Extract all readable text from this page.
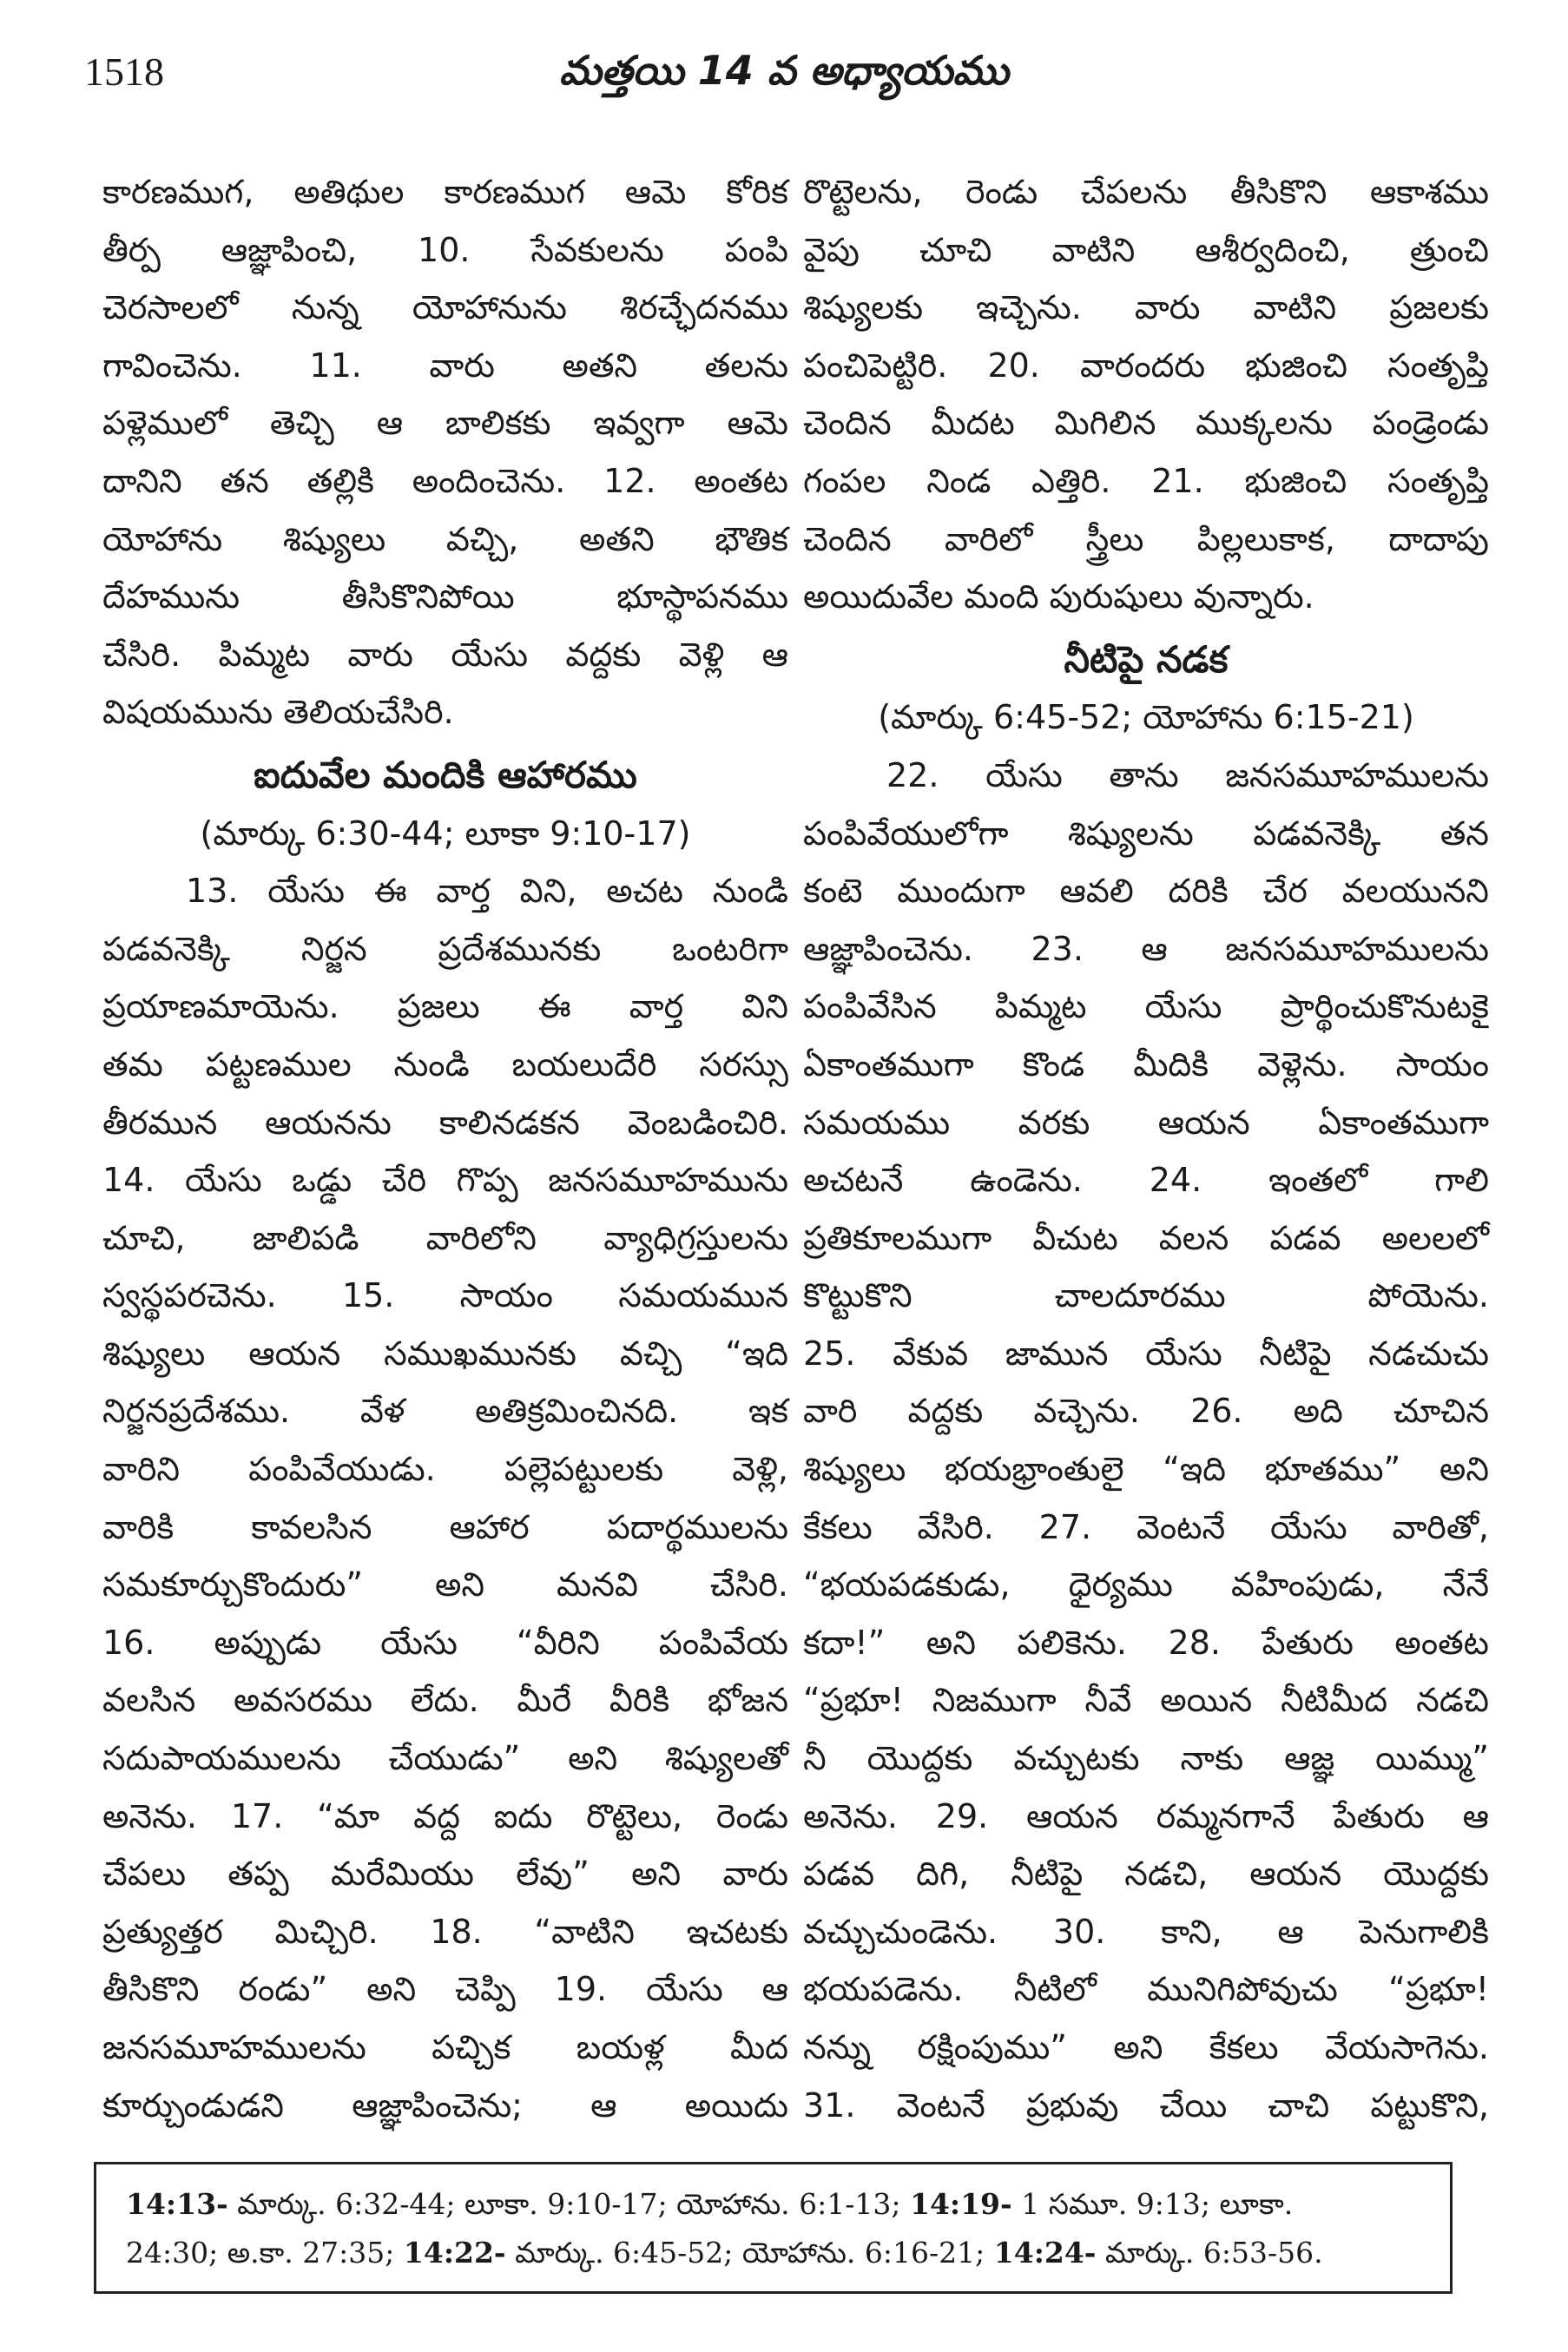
1518	మత్తయి 14 వ అధ్యాయము
కారణముగ, అతిథుల కారణముగ ఆమె కోరిక
తీర్ప ఆజ్ఞాపించి, 10. సేవకులను పంపి
చెరసాలలో నున్న యోహానును శిరచ్ఛేదనము
గావించెను. 11. వారు అతని తలను
పళ్లెములో తెచ్చి ఆ బాలికకు ఇవ్వగా ఆమె
దానిని తన తల్లికి అందించెను. 12. అంతట
యోహాను శిష్యులు వచ్చి, అతని భౌతిక
దేహమును తీసికొనిపోయి భూస్థాపనము
చేసిరి. పిమ్మట వారు యేసు వద్దకు వెళ్లి ఆ
విషయమును తెలియచేసిరి.
ఐదువేల మందికి ఆహారము
(మార్కు 6:30-44; లూకా 9:10-17)
13. యేసు ఈ వార్త విని, అచట నుండి
పడవనెక్కి నిర్జన ప్రదేశమునకు ఒంటరిగా
ప్రయాణమాయెను. ప్రజలు ఈ వార్త విని
తమ పట్టణముల నుండి బయలుదేరి సరస్సు
తీరమున ఆయనను కాలినడకన వెంబడించిరి.
14. యేసు ఒడ్డు చేరి గొప్ప జనసమూహమును
చూచి, జాలిపడి వారిలోని వ్యాధిగ్రస్తులను
స్వస్థపరచెను. 15. సాయం సమయమున
శిష్యులు ఆయన సముఖమునకు వచ్చి “ఇది
నిర్జనప్రదేశము. వేళ అతిక్రమించినది. ఇక
వారిని పంపివేయుడు. పల్లెపట్టులకు వెళ్లి,
వారికి కావలసిన ఆహార పదార్థములను
సమకూర్చుకొందురు” అని మనవి చేసిరి.
16. అప్పుడు యేసు “వీరిని పంపివేయ
వలసిన అవసరము లేదు. మీరే వీరికి భోజన
సదుపాయములను చేయుడు” అని శిష్యులతో
అనెను. 17. “మా వద్ద ఐదు రొట్టెలు, రెండు
చేపలు తప్ప మరేమియు లేవు” అని వారు
ప్రత్యుత్తర మిచ్చిరి. 18. “వాటిని ఇచటకు
తీసికొని రండు” అని చెప్పి 19. యేసు ఆ
జనసమూహములను పచ్చిక బయళ్ల మీద
కూర్చుండుడని ఆజ్ఞాపించెను; ఆ అయిదు
రొట్టెలను, రెండు చేపలను తీసికొని ఆకాశము
వైపు చూచి వాటిని ఆశీర్వదించి, త్రుంచి
శిష్యులకు ఇచ్చెను. వారు వాటిని ప్రజలకు
పంచిపెట్టిరి. 20. వారందరు భుజించి సంతృప్తి
చెందిన మీదట మిగిలిన ముక్కలను పండ్రెండు
గంపల నిండ ఎత్తిరి. 21. భుజించి సంతృప్తి
చెందిన వారిలో స్త్రీలు పిల్లలుకాక, దాదాపు
అయిదువేల మంది పురుషులు వున్నారు.
నీటిపై నడక
(మార్కు 6:45-52; యోహాను 6:15-21)
22. యేసు తాను జనసమూహములను
పంపివేయులోగా శిష్యులను పడవనెక్కి తన
కంటె ముందుగా ఆవలి దరికి చేర వలయునని
ఆజ్ఞాపించెను. 23. ఆ జనసమూహములను
పంపివేసిన పిమ్మట యేసు ప్రార్థించుకొనుటకై
ఏకాంతముగా కొండ మీదికి వెళ్లెను. సాయం
సమయము వరకు ఆయన ఏకాంతముగా
అచటనే ఉండెను. 24. ఇంతలో గాలి
ప్రతికూలముగా వీచుట వలన పడవ అలలలో
కొట్టుకొని చాలదూరము పోయెను.
25. వేకువ జామున యేసు నీటిపై నడచుచు
వారి వద్దకు వచ్చెను. 26. అది చూచిన
శిష్యులు భయభ్రాంతులై “ఇది భూతము” అని
కేకలు వేసిరి. 27. వెంటనే యేసు వారితో,
“భయపడకుడు, ధైర్యము వహింపుడు, నేనే
కదా!” అని పలికెను. 28. పేతురు అంతట
“ప్రభూ! నిజముగా నీవే అయిన నీటిమీద నడచి
నీ యొద్దకు వచ్చుటకు నాకు ఆజ్ఞ యిమ్ము”
అనెను. 29. ఆయన రమ్మనగానే పేతురు ఆ
పడవ దిగి, నీటిపై నడచి, ఆయన యొద్దకు
వచ్చుచుండెను. 30. కాని, ఆ పెనుగాలికి
భయపడెను. నీటిలో మునిగిపోవుచు “ప్రభూ!
నన్ను రక్షింపుము” అని కేకలు వేయసాగెను.
31. వెంటనే ప్రభువు చేయి చాచి పట్టుకొని,
14:13- మార్కు. 6:32-44; లూకా. 9:10-17; యోహాను. 6:1-13; 14:19- 1 సమూ. 9:13; లూకా.
24:30; అ.కా. 27:35; 14:22- మార్కు. 6:45-52; యోహాను. 6:16-21; 14:24- మార్కు. 6:53-56.
